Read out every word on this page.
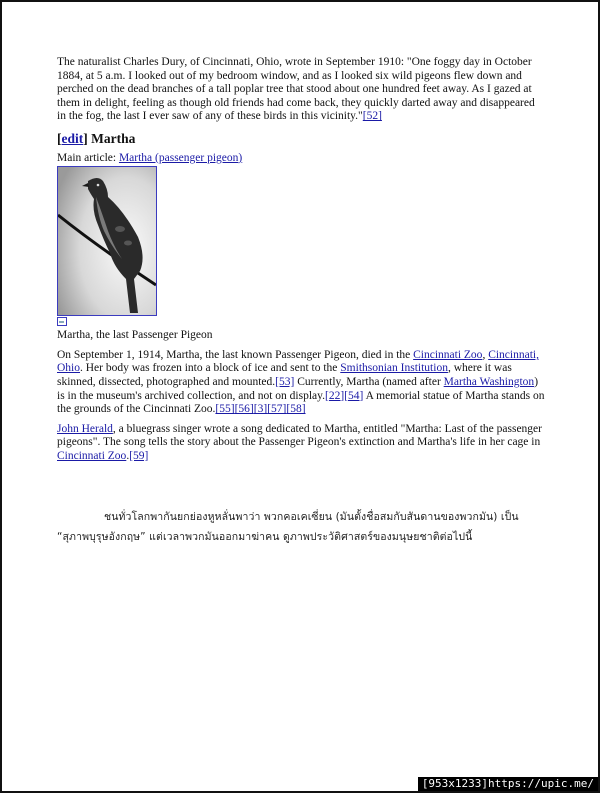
The naturalist Charles Dury, of Cincinnati, Ohio, wrote in September 1910: "One foggy day in October 1884, at 5 a.m. I looked out of my bedroom window, and as I looked six wild pigeons flew down and perched on the dead branches of a tall poplar tree that stood about one hundred feet away. As I gazed at them in delight, feeling as though old friends had come back, they quickly darted away and disappeared in the fog, the last I ever saw of any of these birds in this vicinity."[52]

[edit] Martha
Main article: Martha (passenger pigeon)
Martha, the last Passenger Pigeon

On September 1, 1914, Martha, the last known Passenger Pigeon, died in the Cincinnati Zoo, Cincinnati, Ohio. Her body was frozen into a block of ice and sent to the Smithsonian Institution, where it was skinned, dissected, photographed and mounted.[53] Currently, Martha (named after Martha Washington) is in the museum's archived collection, and not on display.[22][54] A memorial statue of Martha stands on the grounds of the Cincinnati Zoo.[55][56][3][57][58]

John Herald, a bluegrass singer wrote a song dedicated to Martha, entitled "Martha: Last of the passenger pigeons". The song tells the story about the Passenger Pigeon's extinction and Martha's life in her cage in Cincinnati Zoo.[59]

ชนทั่วโลกพากันยกย่องหูหลั่นพาว่า พวกคอเคเซี่ยน (มันตั้งชื่อสมกับสันดานของพวกมัน) เป็น
“สุภาพบุรุษอังกฤษ” แต่เวลาพวกมันออกมาฆ่าคน ดูภาพประวัติศาสตร์ของมนุษยชาติต่อไปนี้
[953x1233]https://upic.me/
